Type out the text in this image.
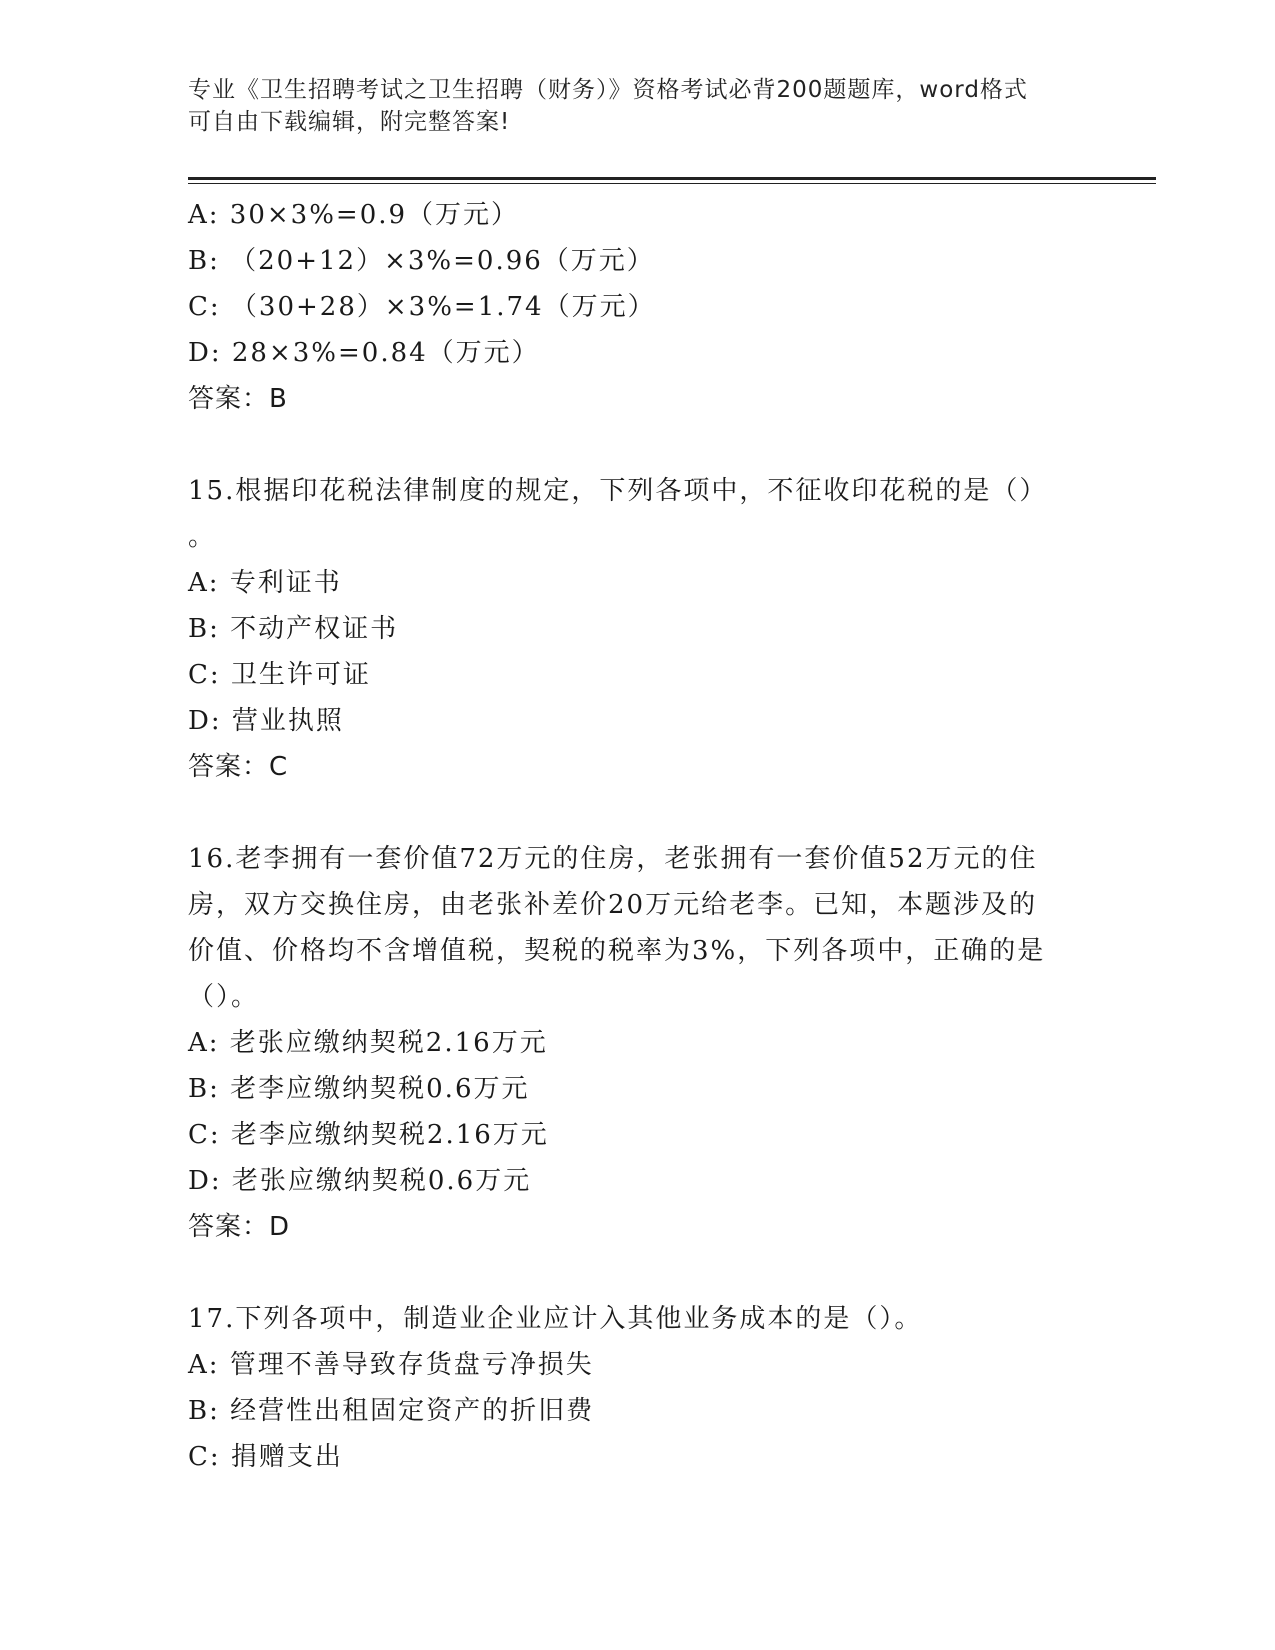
专业《卫生招聘考试之卫生招聘（财务）》资格考试必背200题题库，word格式
可自由下载编辑，附完整答案!
A: 30×3%=0.9（万元）
B: （20+12）×3%=0.96（万元）
C: （30+28）×3%=1.74（万元）
D: 28×3%=0.84（万元）
答案：B
15.根据印花税法律制度的规定，下列各项中，不征收印花税的是（）
。
A: 专利证书
B: 不动产权证书
C: 卫生许可证
D: 营业执照
答案：C
16.老李拥有一套价值72万元的住房，老张拥有一套价值52万元的住
房，双方交换住房，由老张补差价20万元给老李。已知，本题涉及的
价值、价格均不含增值税，契税的税率为3%，下列各项中，正确的是
（）。
A: 老张应缴纳契税2.16万元
B: 老李应缴纳契税0.6万元
C: 老李应缴纳契税2.16万元
D: 老张应缴纳契税0.6万元
答案：D
17.下列各项中，制造业企业应计入其他业务成本的是（）。
A: 管理不善导致存货盘亏净损失
B: 经营性出租固定资产的折旧费
C: 捐赠支出
